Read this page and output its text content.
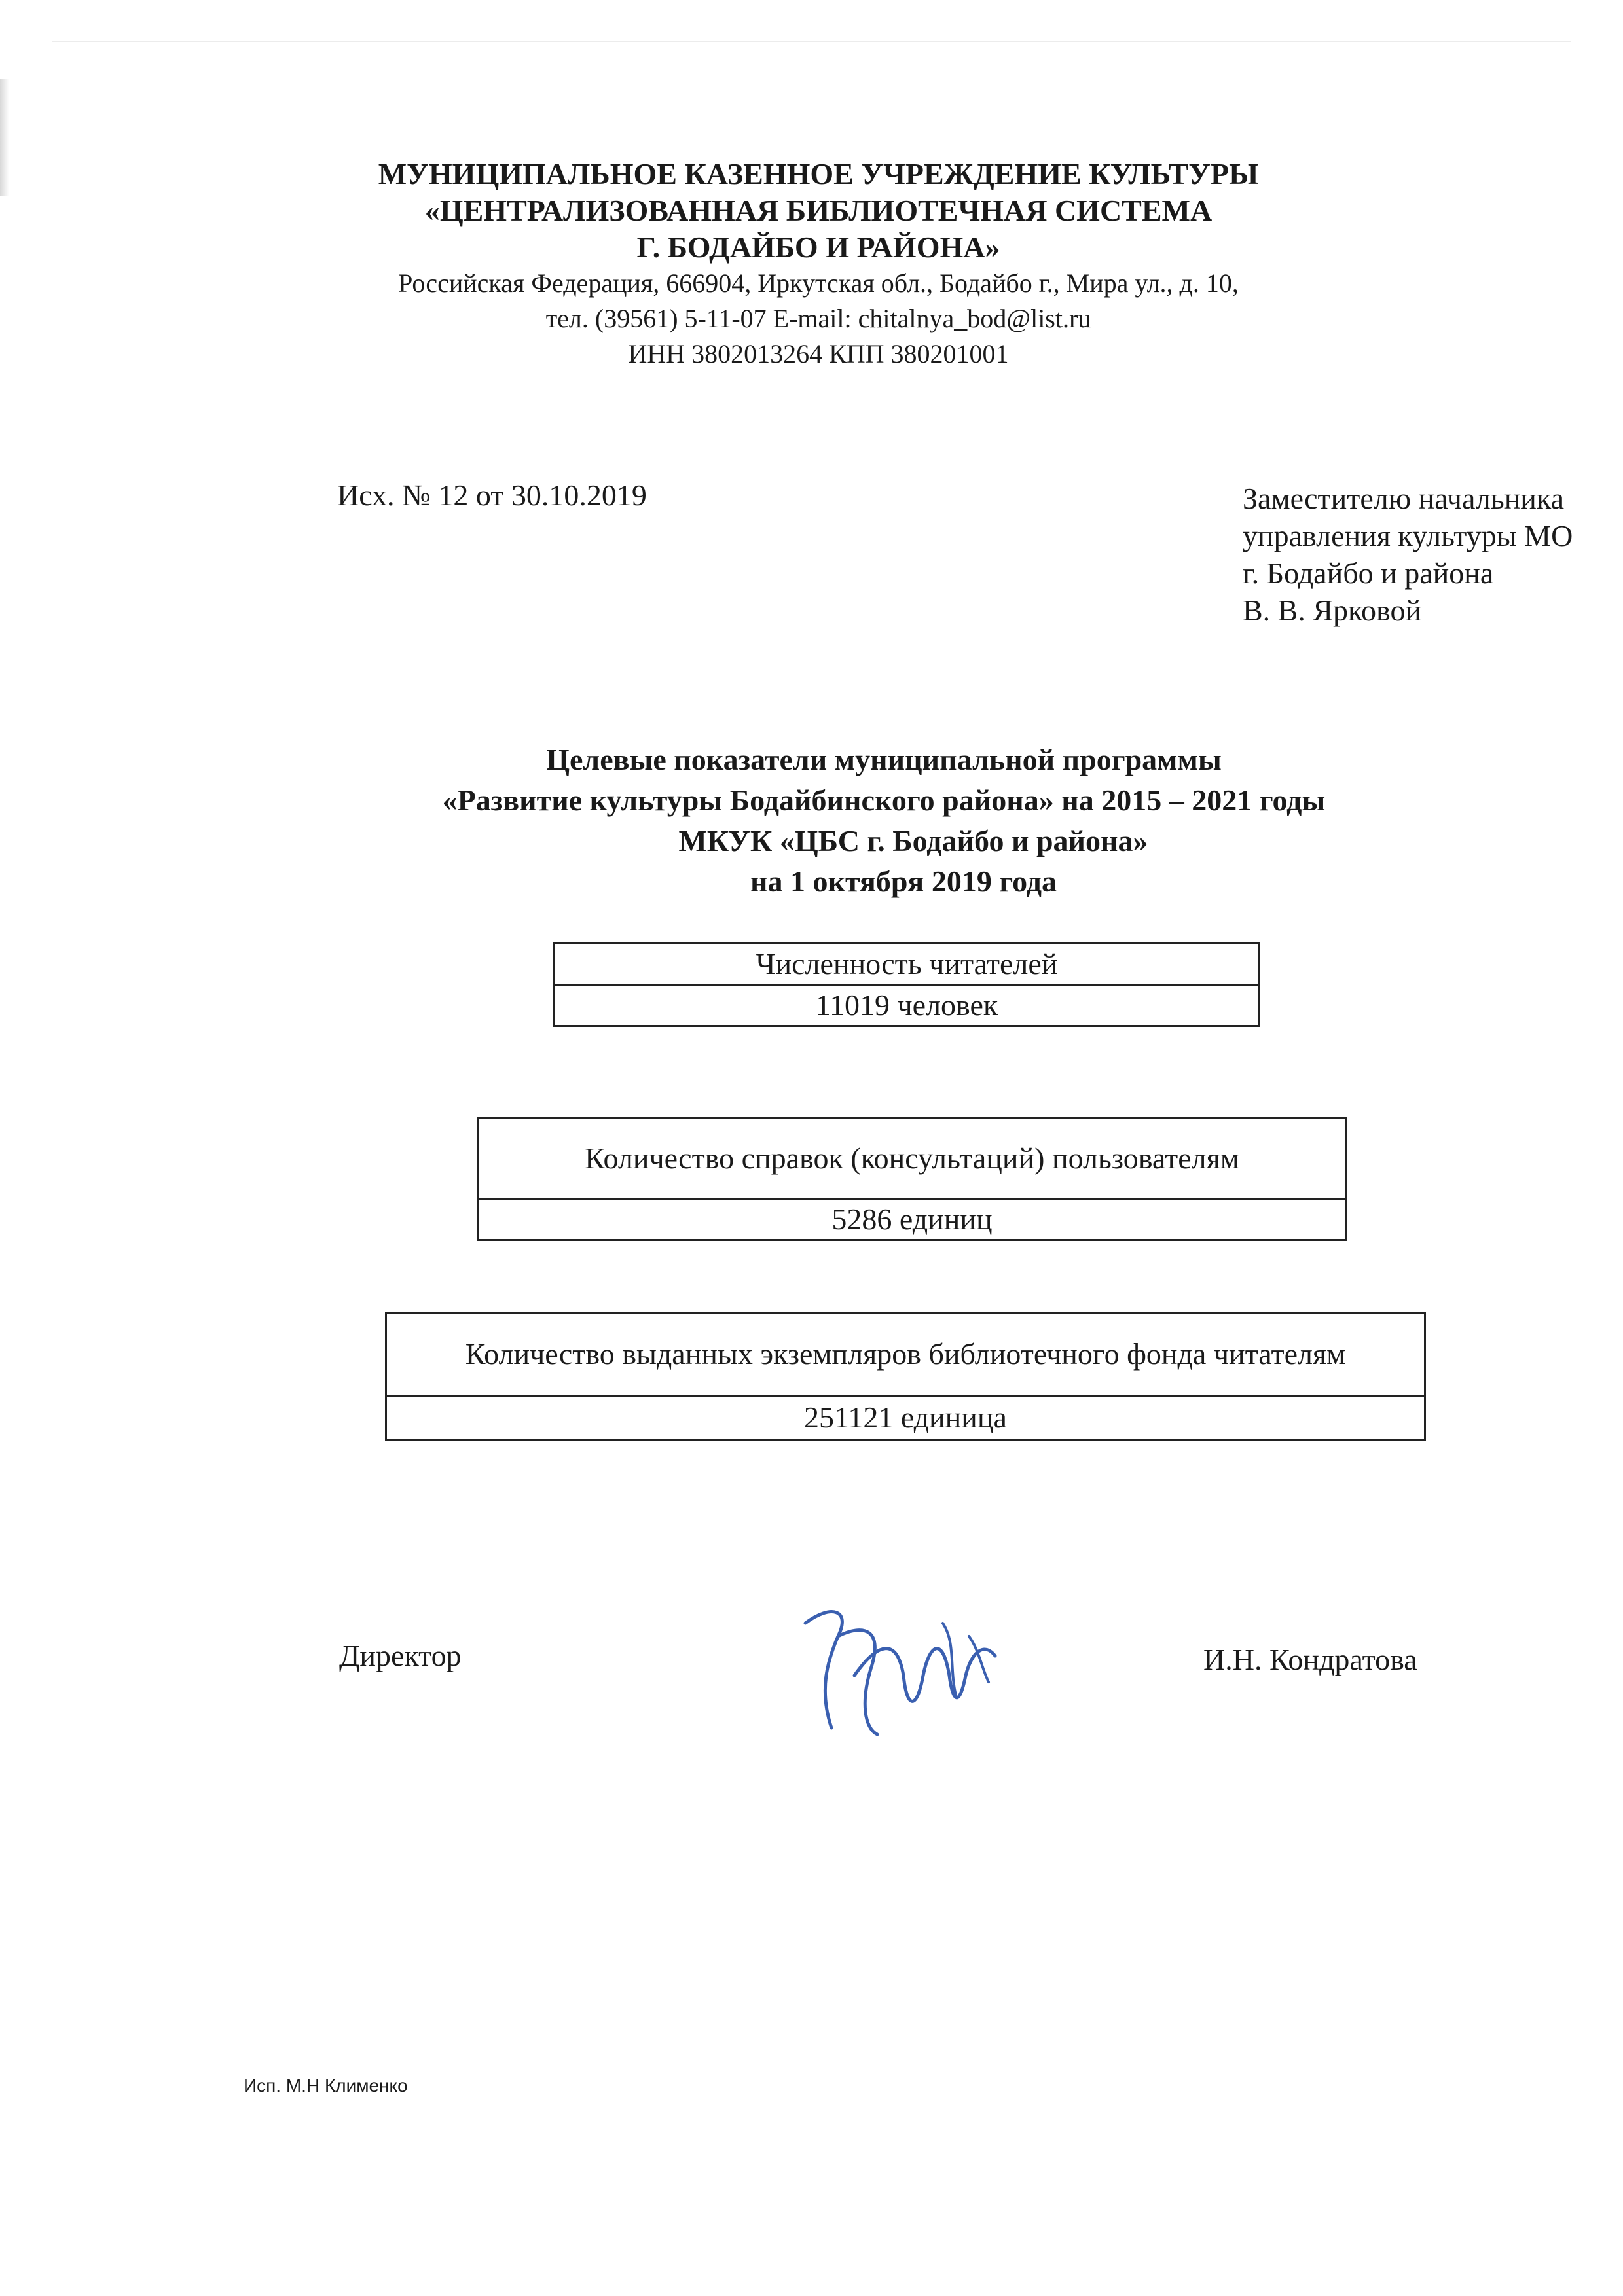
МУНИЦИПАЛЬНОЕ КАЗЕННОЕ УЧРЕЖДЕНИЕ КУЛЬТУРЫ
«ЦЕНТРАЛИЗОВАННАЯ БИБЛИОТЕЧНАЯ СИСТЕМА
Г. БОДАЙБО И РАЙОНА»
Российская Федерация, 666904, Иркутская обл., Бодайбо г., Мира ул., д. 10,
тел. (39561) 5-11-07 E-mail: chitalnya_bod@list.ru
ИНН 3802013264 КПП 380201001
Исх. № 12 от 30.10.2019	Заместителю начальника
управления культуры МО
г. Бодайбо и района
В. В. Ярковой
Целевые показатели муниципальной программы
«Развитие культуры Бодайбинского района» на 2015 – 2021 годы
МКУК «ЦБС г. Бодайбо и района»
на 1 октября 2019 года
Численность читателей
11019 человек
Количество справок (консультаций) пользователям
5286 единиц
Количество выданных экземпляров библиотечного фонда читателям
251121 единица
Директор	И.Н. Кондратова
Исп. М.Н Клименко
